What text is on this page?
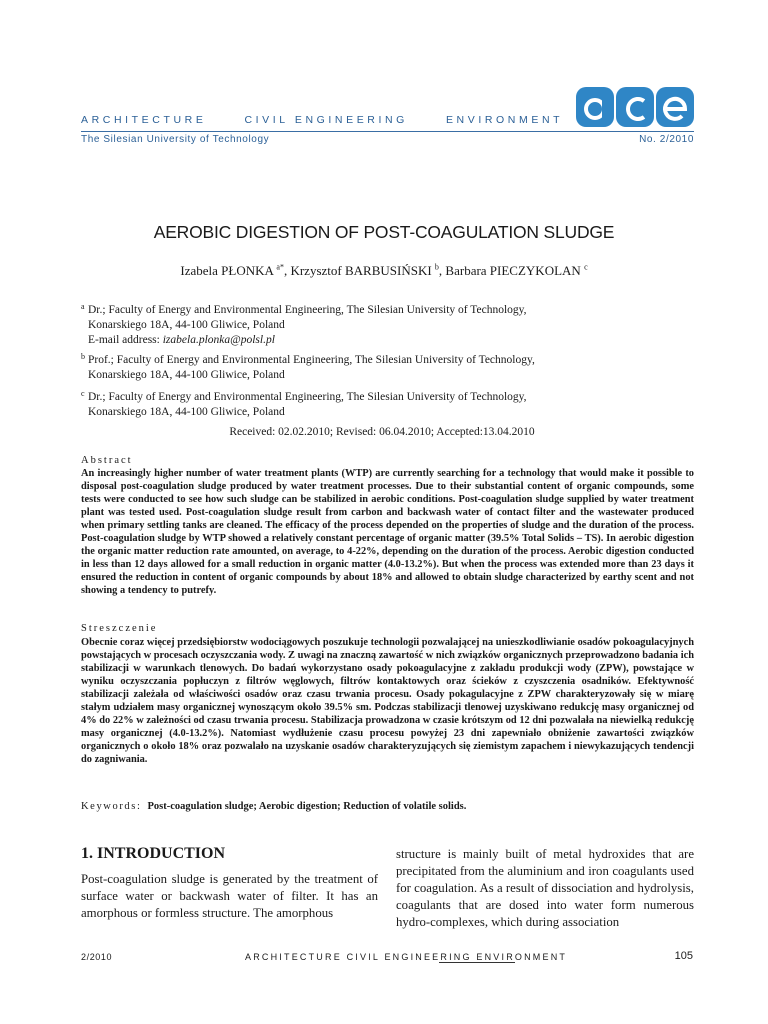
ARCHITECTURE	CIVIL ENGINEERING	ENVIRONMENT
The Silesian University of Technology	No. 2/2010
ace
AEROBIC DIGESTION OF POST-COAGULATION SLUDGE
Izabela PŁONKA $^{a*}$, Krzysztof BARBUSIŃSKI $^b$, Barbara PIECZYKOLAN $^c$
a Dr.; Faculty of Energy and Environmental Engineering, The Silesian University of Technology,
Konarskiego 18A, 44-100 Gliwice, Poland
E-mail address: izabela.plonka@polsl.pl
b Prof.; Faculty of Energy and Environmental Engineering, The Silesian University of Technology,
Konarskiego 18A, 44-100 Gliwice, Poland
c Dr.; Faculty of Energy and Environmental Engineering, The Silesian University of Technology,
Konarskiego 18A, 44-100 Gliwice, Poland
Received: 02.02.2010; Revised: 06.04.2010; Accepted:13.04.2010
Abstract
An increasingly higher number of water treatment plants (WTP) are currently searching for a technology that would make it possible to disposal post-coagulation sludge produced by water treatment processes. Due to their substantial content of organic compounds, some tests were conducted to see how such sludge can be stabilized in aerobic conditions. Post-coagulation sludge supplied by water treatment plant was tested used. Post-coagulation sludge result from carbon and backwash water of contact filter and the wastewater produced when primary settling tanks are cleaned. The efficacy of the process depended on the properties of sludge and the duration of the process. Post-coagulation sludge by WTP showed a relatively constant percentage of organic matter (39.5% Total Solids – TS). In aerobic digestion the organic matter reduction rate amounted, on average, to 4-22%, depending on the duration of the process. Aerobic digestion conducted in less than 12 days allowed for a small reduction in organic matter (4.0-13.2%). But when the process was extended more than 23 days it ensured the reduction in content of organic compounds by about 18% and allowed to obtain sludge characterized by earthy scent and not showing a tendency to putrefy.
Streszczenie
Obecnie coraz więcej przedsiębiorstw wodociągowych poszukuje technologii pozwalającej na unieszkodliwianie osadów pokoagulacyjnych powstających w procesach oczyszczania wody. Z uwagi na znaczną zawartość w nich związków organicznych przeprowadzono badania ich stabilizacji w warunkach tlenowych. Do badań wykorzystano osady pokoagulacyjne z zakładu produkcji wody (ZPW), powstające w wyniku oczyszczania popłuczyn z filtrów węglowych, filtrów kontaktowych oraz ścieków z czyszczenia osadników. Efektywność stabilizacji zależała od właściwości osadów oraz czasu trwania procesu. Osady pokagulacyjne z ZPW charakteryzowały się w miarę stałym udziałem masy organicznej wynoszącym około 39.5% sm. Podczas stabilizacji tlenowej uzyskiwano redukcję masy organicznej od 4% do 22% w zależności od czasu trwania procesu. Stabilizacja prowadzona w czasie krótszym od 12 dni pozwalała na niewielką redukcję masy organicznej (4.0-13.2%). Natomiast wydłużenie czasu procesu powyżej 23 dni zapewniało obniżenie zawartości związków organicznych o około 18% oraz pozwalało na uzyskanie osadów charakteryzujących się ziemistym zapachem i niewykazujących tendencji do zagniwania.
Keywords: Post-coagulation sludge; Aerobic digestion; Reduction of volatile solids.
1. INTRODUCTION
Post-coagulation sludge is generated by the treatment of surface water or backwash water of filter. It has an amorphous or formless structure. The amorphous
structure is mainly built of metal hydroxides that are precipitated from the aluminium and iron coagulants used for coagulation. As a result of dissociation and hydrolysis, coagulants that are dosed into water form numerous hydro-complexes, which during association
2/2010	ARCHITECTURE CIVIL ENGINEERING ENVIRONMENT	105
